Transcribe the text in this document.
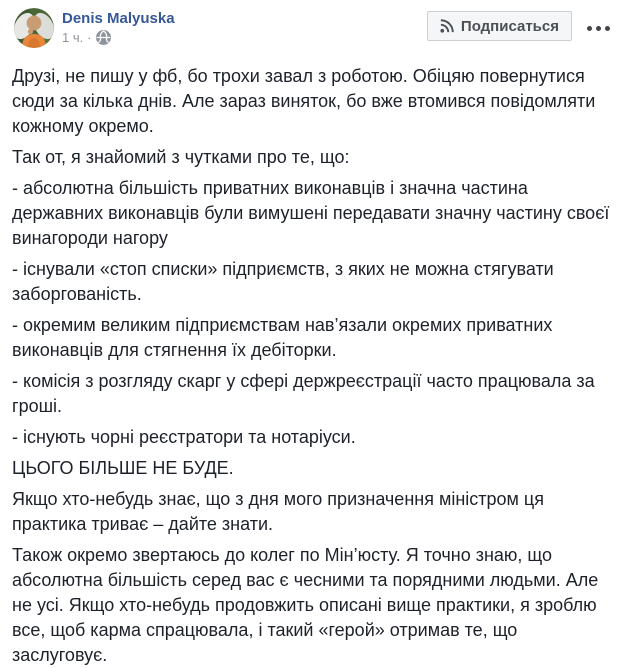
Denis Malyuska
1 ч. ·
Подписаться

Друзі, не пишу у фб, бо трохи завал з роботою. Обіцяю повернутися сюди за кілька днів. Але зараз виняток, бо вже втомився повідомляти кожному окремо.

Так от, я знайомий з чутками про те, що:

- абсолютна більшість приватних виконавців і значна частина державних виконавців були вимушені передавати значну частину своєї винагороди нагору

- існували «стоп списки» підприємств, з яких не можна стягувати заборгованість.

- окремим великим підприємствам нав’язали окремих приватних виконавців для стягнення їх дебіторки.

- комісія з розгляду скарг у сфері держреєстрації часто працювала за гроші.

- існують чорні реєстратори та нотаріуси.

ЦЬОГО БІЛЬШЕ НЕ БУДЕ.

Якщо хто-небудь знає, що з дня мого призначення міністром ця практика триває – дайте знати.

Також окремо звертаюсь до колег по Мін’юсту. Я точно знаю, що абсолютна більшість серед вас є чесними та порядними людьми. Але не усі. Якщо хто-небудь продовжить описані вище практики, я зроблю все, щоб карма спрацювала, і такий «герой» отримав те, що заслуговує.
